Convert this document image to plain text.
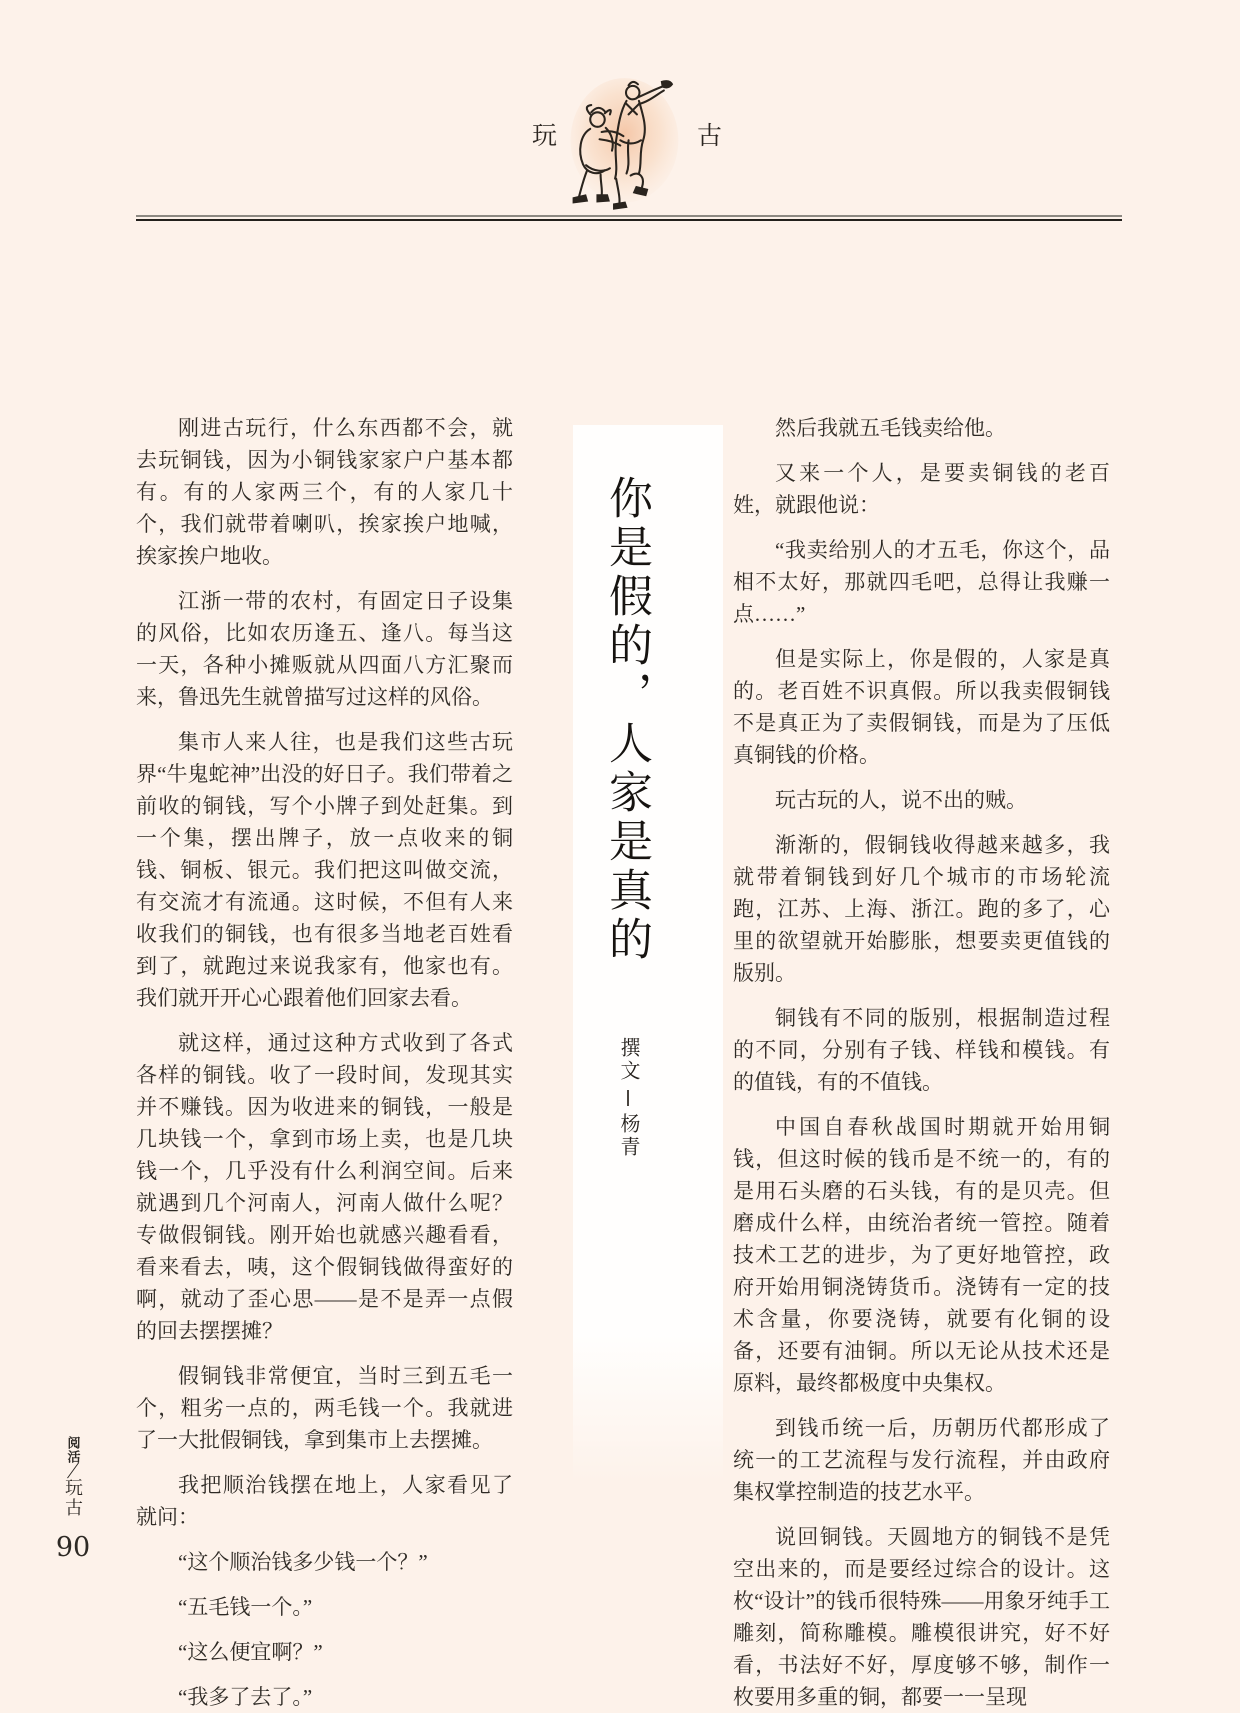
玩	古

刚进古玩行，什么东西都不会，就去玩铜钱，因为小铜钱家家户户基本都有。有的人家两三个，有的人家几十个，我们就带着喇叭，挨家挨户地喊，挨家挨户地收。

江浙一带的农村，有固定日子设集的风俗，比如农历逢五、逢八。每当这一天，各种小摊贩就从四面八方汇聚而来，鲁迅先生就曾描写过这样的风俗。

集市人来人往，也是我们这些古玩界“牛鬼蛇神”出没的好日子。我们带着之前收的铜钱，写个小牌子到处赶集。到一个集，摆出牌子，放一点收来的铜钱、铜板、银元。我们把这叫做交流，有交流才有流通。这时候，不但有人来收我们的铜钱，也有很多当地老百姓看到了，就跑过来说我家有，他家也有。我们就开开心心跟着他们回家去看。

就这样，通过这种方式收到了各式各样的铜钱。收了一段时间，发现其实并不赚钱。因为收进来的铜钱，一般是几块钱一个，拿到市场上卖，也是几块钱一个，几乎没有什么利润空间。后来就遇到几个河南人，河南人做什么呢？专做假铜钱。刚开始也就感兴趣看看，看来看去，咦，这个假铜钱做得蛮好的啊，就动了歪心思——是不是弄一点假的回去摆摆摊？

假铜钱非常便宜，当时三到五毛一个，粗劣一点的，两毛钱一个。我就进了一大批假铜钱，拿到集市上去摆摊。

我把顺治钱摆在地上，人家看见了就问：

“这个顺治钱多少钱一个？”

“五毛钱一个。”

“这么便宜啊？”

“我多了去了。”

你是假的，人家是真的
撰文
杨青

然后我就五毛钱卖给他。

又来一个人，是要卖铜钱的老百姓，就跟他说：

“我卖给别人的才五毛，你这个，品相不太好，那就四毛吧，总得让我赚一点……”

但是实际上，你是假的，人家是真的。老百姓不识真假。所以我卖假铜钱不是真正为了卖假铜钱，而是为了压低真铜钱的价格。

玩古玩的人，说不出的贼。

渐渐的，假铜钱收得越来越多，我就带着铜钱到好几个城市的市场轮流跑，江苏、上海、浙江。跑的多了，心里的欲望就开始膨胀，想要卖更值钱的版别。

铜钱有不同的版别，根据制造过程的不同，分别有子钱、样钱和模钱。有的值钱，有的不值钱。

中国自春秋战国时期就开始用铜钱，但这时候的钱币是不统一的，有的是用石头磨的石头钱，有的是贝壳。但磨成什么样，由统治者统一管控。随着技术工艺的进步，为了更好地管控，政府开始用铜浇铸货币。浇铸有一定的技术含量，你要浇铸，就要有化铜的设备，还要有油铜。所以无论从技术还是原料，最终都极度中央集权。

到钱币统一后，历朝历代都形成了统一的工艺流程与发行流程，并由政府集权掌控制造的技艺水平。

说回铜钱。天圆地方的铜钱不是凭空出来的，而是要经过综合的设计。这枚“设计”的钱币很特殊——用象牙纯手工雕刻，简称雕模。雕模很讲究，好不好看，书法好不好，厚度够不够，制作一枚要用多重的铜，都要一一呈现

阅活
╱
玩古
90
